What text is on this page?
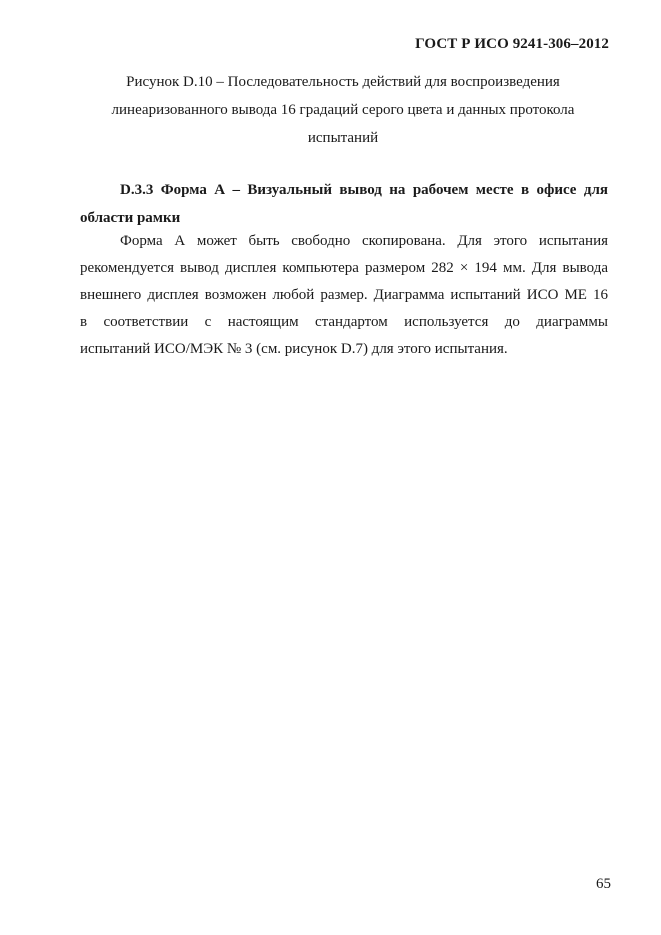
ГОСТ Р ИСО 9241-306–2012
Рисунок D.10 – Последовательность действий для воспроизведения
линеаризованного вывода 16 градаций серого цвета и данных протокола
испытаний
D.3.3 Форма А – Визуальный вывод на рабочем месте в офисе для
области рамки
Форма А может быть свободно скопирована. Для этого испытания
рекомендуется вывод дисплея компьютера размером 282 × 194 мм. Для вывода
внешнего дисплея возможен любой размер. Диаграмма испытаний ИСО МЕ 16
в соответствии с настоящим стандартом используется до диаграммы
испытаний ИСО/МЭК № 3 (см. рисунок D.7) для этого испытания.
65
